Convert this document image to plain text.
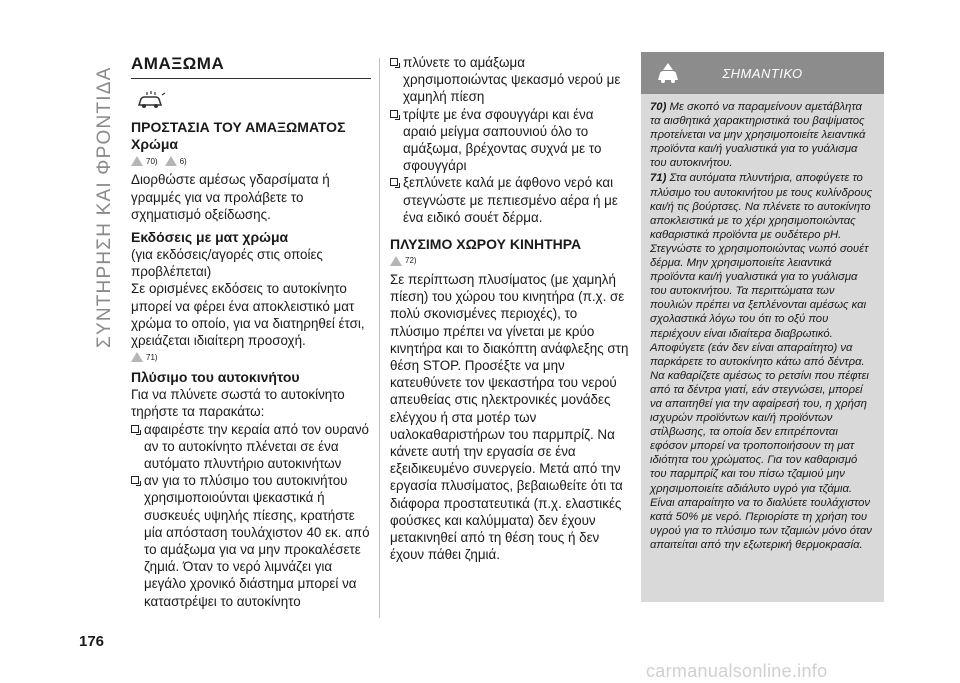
ΣΥΝΤΗΡΗΣΗ ΚΑΙ ΦΡΟΝΤΙΔΑ
ΑΜΑΞΩΜΑ

ΠΡΟΣΤΑΣΙΑ ΤΟΥ ΑΜΑΞΩΜΑΤΟΣ

Χρώμα

70)	6)

Διορθώστε αμέσως γδαρσίματα ή γραμμές για να προλάβετε το σχηματισμό οξείδωσης.

Εκδόσεις με ματ χρώμα

(για εκδόσεις/αγορές στις οποίες προβλέπεται)

Σε ορισμένες εκδόσεις το αυτοκίνητο μπορεί να φέρει ένα αποκλειστικό ματ χρώμα το οποίο, για να διατηρηθεί έτσι, χρειάζεται ιδιαίτερη προσοχή.

71)

Πλύσιμο του αυτοκινήτου

Για να πλύνετε σωστά το αυτοκίνητο τηρήστε τα παρακάτω:

αφαιρέστε την κεραία από τον ουρανό αν το αυτοκίνητο πλένεται σε ένα αυτόματο πλυντήριο αυτοκινήτων
αν για το πλύσιμο του αυτοκινήτου χρησιμοποιούνται ψεκαστικά ή συσκευές υψηλής πίεσης, κρατήστε μία απόσταση τουλάχιστον 40 εκ. από το αμάξωμα για να μην προκαλέσετε ζημιά. Όταν το νερό λιμνάζει για μεγάλο χρονικό διάστημα μπορεί να καταστρέψει το αυτοκίνητο
πλύνετε το αμάξωμα χρησιμοποιώντας ψεκασμό νερού με χαμηλή πίεση
τρίψτε με ένα σφουγγάρι και ένα αραιό μείγμα σαπουνιού όλο το αμάξωμα, βρέχοντας συχνά με το σφουγγάρι
ξεπλύνετε καλά με άφθονο νερό και στεγνώστε με πεπιεσμένο αέρα ή με ένα ειδικό σουέτ δέρμα.

ΠΛΥΣΙΜΟ ΧΩΡΟΥ ΚΙΝΗΤΗΡΑ

72)

Σε περίπτωση πλυσίματος (με χαμηλή πίεση) του χώρου του κινητήρα (π.χ. σε πολύ σκονισμένες περιοχές), το πλύσιμο πρέπει να γίνεται με κρύο κινητήρα και το διακόπτη ανάφλεξης στη θέση STOP. Προσέξτε να μην κατευθύνετε τον ψεκαστήρα του νερού απευθείας στις ηλεκτρονικές μονάδες ελέγχου ή στα μοτέρ των υαλοκαθαριστήρων του παρμπρίζ. Να κάνετε αυτή την εργασία σε ένα εξειδικευμένο συνεργείο. Μετά από την εργασία πλυσίματος, βεβαιωθείτε ότι τα διάφορα προστατευτικά (π.χ. ελαστικές φούσκες και καλύμματα) δεν έχουν μετακινηθεί από τη θέση τους ή δεν έχουν πάθει ζημιά.

ΣΗΜΑΝΤΙΚΟ

70) Με σκοπό να παραμείνουν αμετάβλητα τα αισθητικά χαρακτηριστικά του βαψίματος προτείνεται να μην χρησιμοποιείτε λειαντικά προϊόντα και/ή γυαλιστικά για το γυάλισμα του αυτοκινήτου.

71) Στα αυτόματα πλυντήρια, αποφύγετε το πλύσιμο του αυτοκινήτου με τους κυλίνδρους και/ή τις βούρτσες. Να πλένετε το αυτοκίνητο αποκλειστικά με το χέρι χρησιμοποιώντας καθαριστικά προϊόντα με ουδέτερο pH. Στεγνώστε το χρησιμοποιώντας νωπό σουέτ δέρμα. Μην χρησιμοποιείτε λειαντικά προϊόντα και/ή γυαλιστικά για το γυάλισμα του αυτοκινήτου. Τα περιττώματα των πουλιών πρέπει να ξεπλένονται αμέσως και σχολαστικά λόγω του ότι το οξύ που περιέχουν είναι ιδιαίτερα διαβρωτικό. Αποφύγετε (εάν δεν είναι απαραίτητο) να παρκάρετε το αυτοκίνητο κάτω από δέντρα. Να καθαρίζετε αμέσως το ρετσίνι που πέφτει από τα δέντρα γιατί, εάν στεγνώσει, μπορεί να απαιτηθεί για την αφαίρεσή του, η χρήση ισχυρών προϊόντων και/ή προϊόντων στίλβωσης, τα οποία δεν επιτρέπονται εφόσον μπορεί να τροποποιήσουν τη ματ ιδιότητα του χρώματος. Για τον καθαρισμό του παρμπρίζ και του πίσω τζαμιού μην χρησιμοποιείτε αδιάλυτο υγρό για τζάμια. Είναι απαραίτητο να το διαλύετε τουλάχιστον κατά 50% με νερό. Περιορίστε τη χρήση του υγρού για το πλύσιμο των τζαμιών μόνο όταν απαιτείται από την εξωτερική θερμοκρασία.

176
carmanualsonline.info
